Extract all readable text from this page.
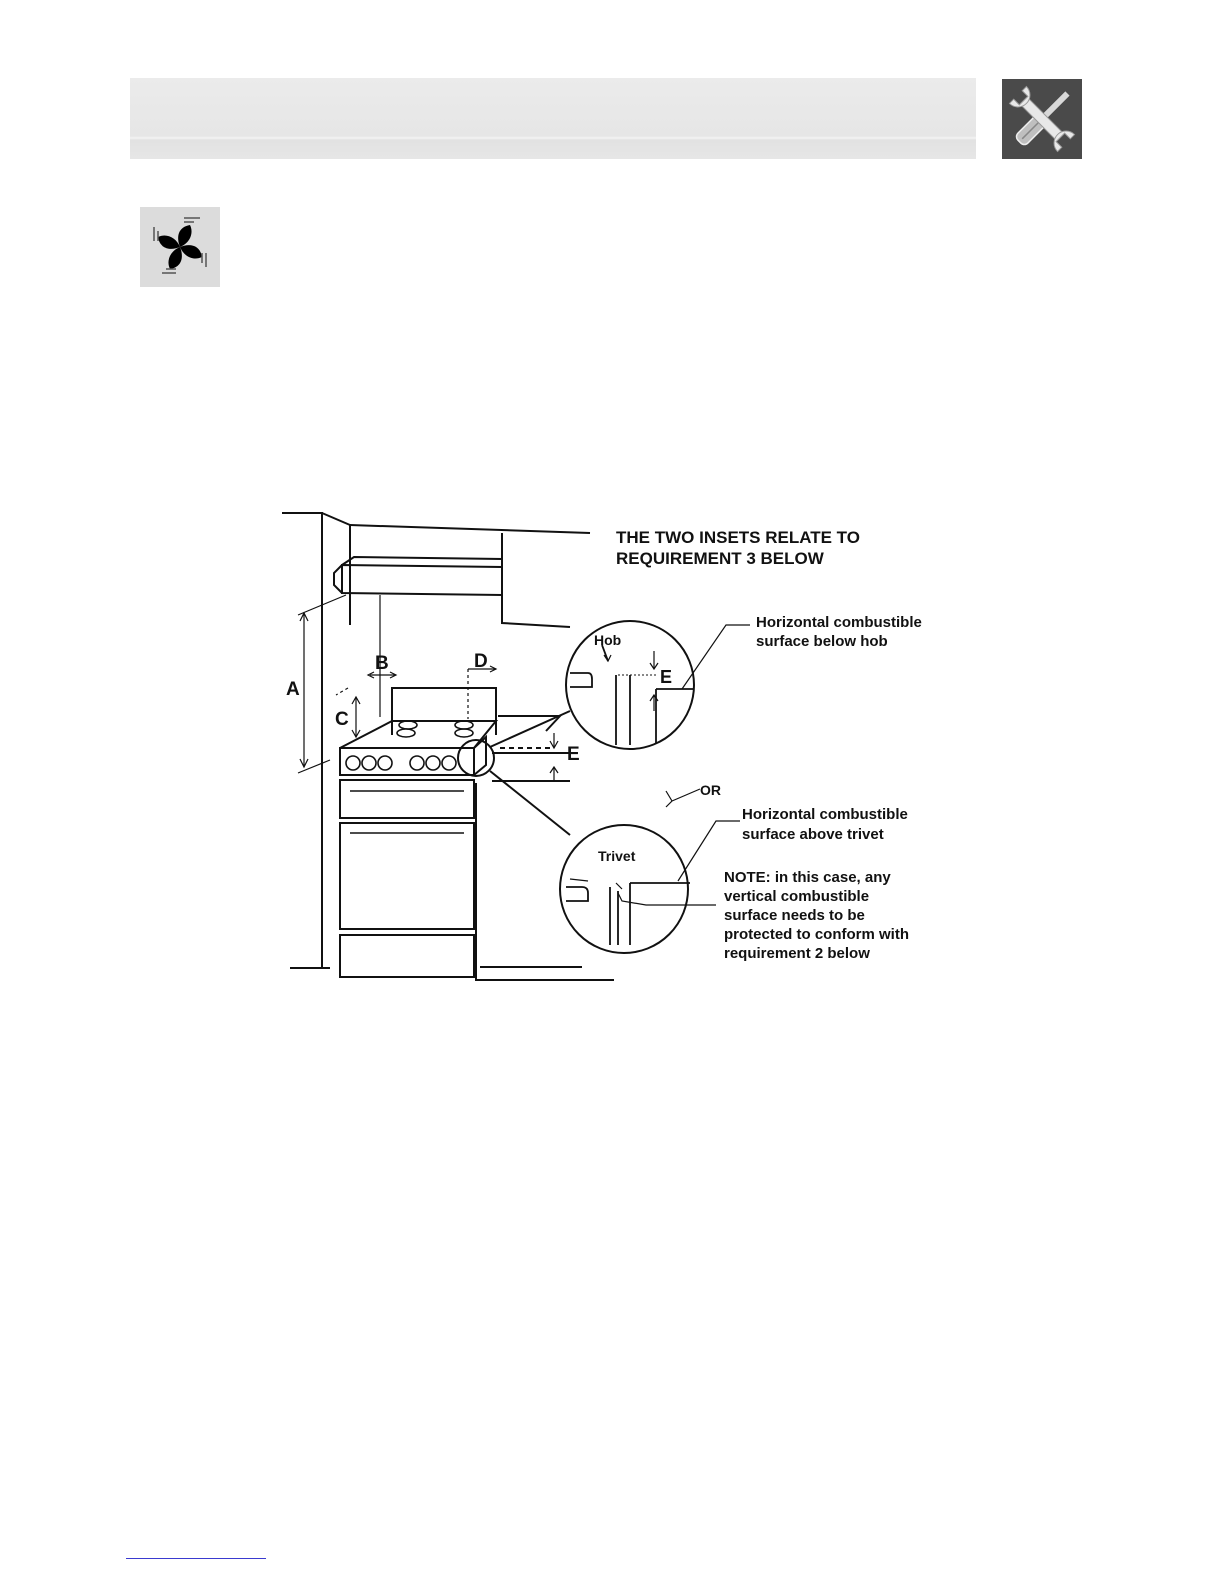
THE TWO INSETS RELATE TO
REQUIREMENT 3 BELOW
A
B
C
D
E
Hob
E
Horizontal combustible
surface below hob
OR
Horizontal combustible
surface above trivet
Trivet
NOTE: in this case, any
vertical combustible
surface needs to be
protected to conform with
requirement 2 below
